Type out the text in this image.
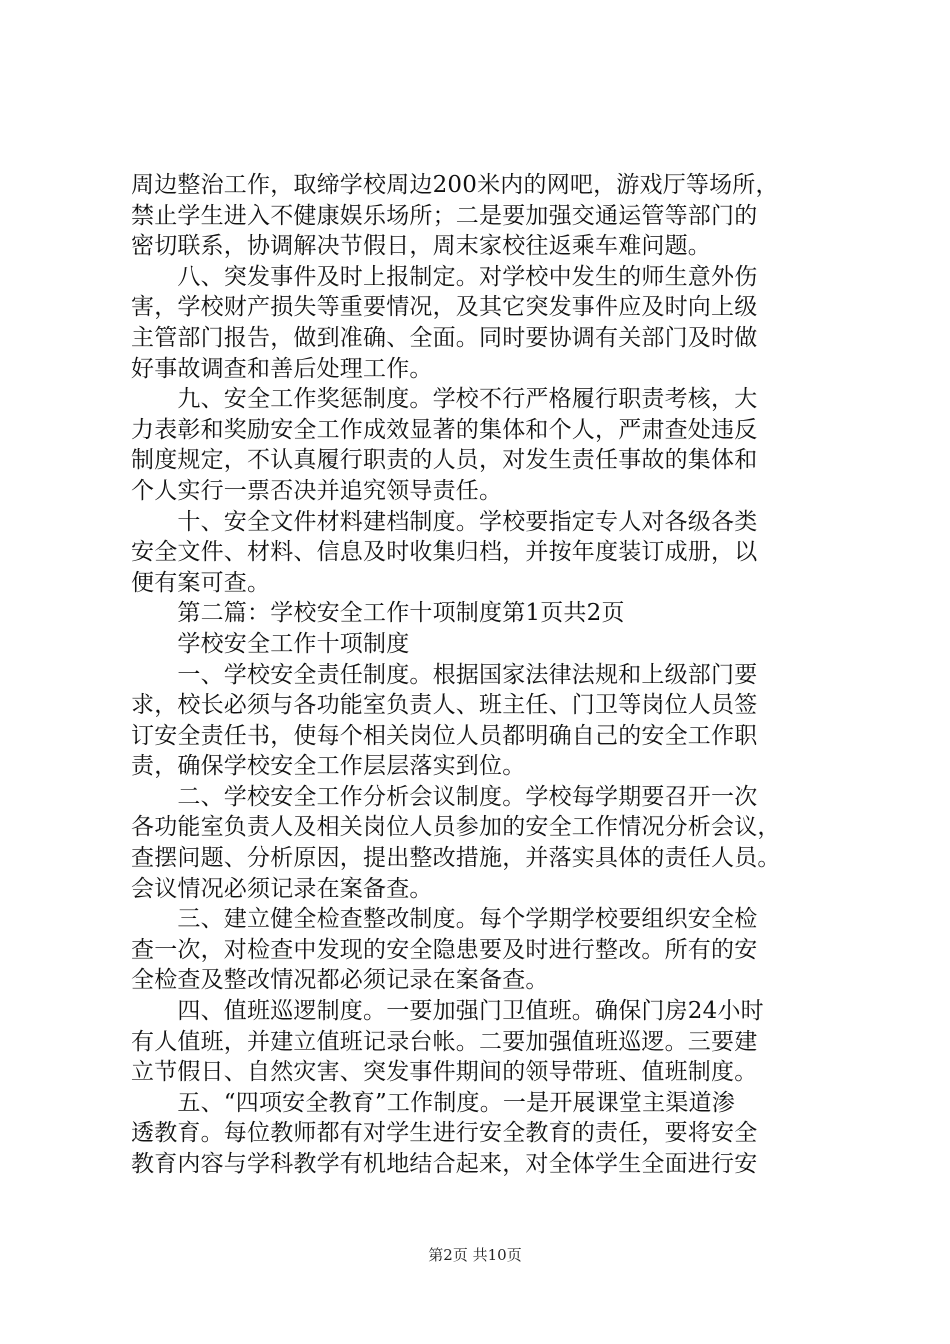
周边整治工作，取缔学校周边200米内的网吧，游戏厅等场所，
禁止学生进入不健康娱乐场所；二是要加强交通运管等部门的
密切联系，协调解决节假日，周末家校往返乘车难问题。
　　八、突发事件及时上报制定。对学校中发生的师生意外伤
害，学校财产损失等重要情况，及其它突发事件应及时向上级
主管部门报告，做到准确、全面。同时要协调有关部门及时做
好事故调查和善后处理工作。
　　九、安全工作奖惩制度。学校不行严格履行职责考核，大
力表彰和奖励安全工作成效显著的集体和个人，严肃查处违反
制度规定，不认真履行职责的人员，对发生责任事故的集体和
个人实行一票否决并追究领导责任。
　　十、安全文件材料建档制度。学校要指定专人对各级各类
安全文件、材料、信息及时收集归档，并按年度装订成册，以
便有案可查。
　　第二篇：学校安全工作十项制度第1页共2页
　　学校安全工作十项制度
　　一、学校安全责任制度。根据国家法律法规和上级部门要
求，校长必须与各功能室负责人、班主任、门卫等岗位人员签
订安全责任书，使每个相关岗位人员都明确自己的安全工作职
责，确保学校安全工作层层落实到位。
　　二、学校安全工作分析会议制度。学校每学期要召开一次
各功能室负责人及相关岗位人员参加的安全工作情况分析会议，
查摆问题、分析原因，提出整改措施，并落实具体的责任人员。
会议情况必须记录在案备查。
　　三、建立健全检查整改制度。每个学期学校要组织安全检
查一次，对检查中发现的安全隐患要及时进行整改。所有的安
全检查及整改情况都必须记录在案备查。
　　四、值班巡逻制度。一要加强门卫值班。确保门房24小时
有人值班，并建立值班记录台帐。二要加强值班巡逻。三要建
立节假日、自然灾害、突发事件期间的领导带班、值班制度。
　　五、“四项安全教育”工作制度。一是开展课堂主渠道渗
透教育。每位教师都有对学生进行安全教育的责任，要将安全
教育内容与学科教学有机地结合起来，对全体学生全面进行安
第2页 共10页
